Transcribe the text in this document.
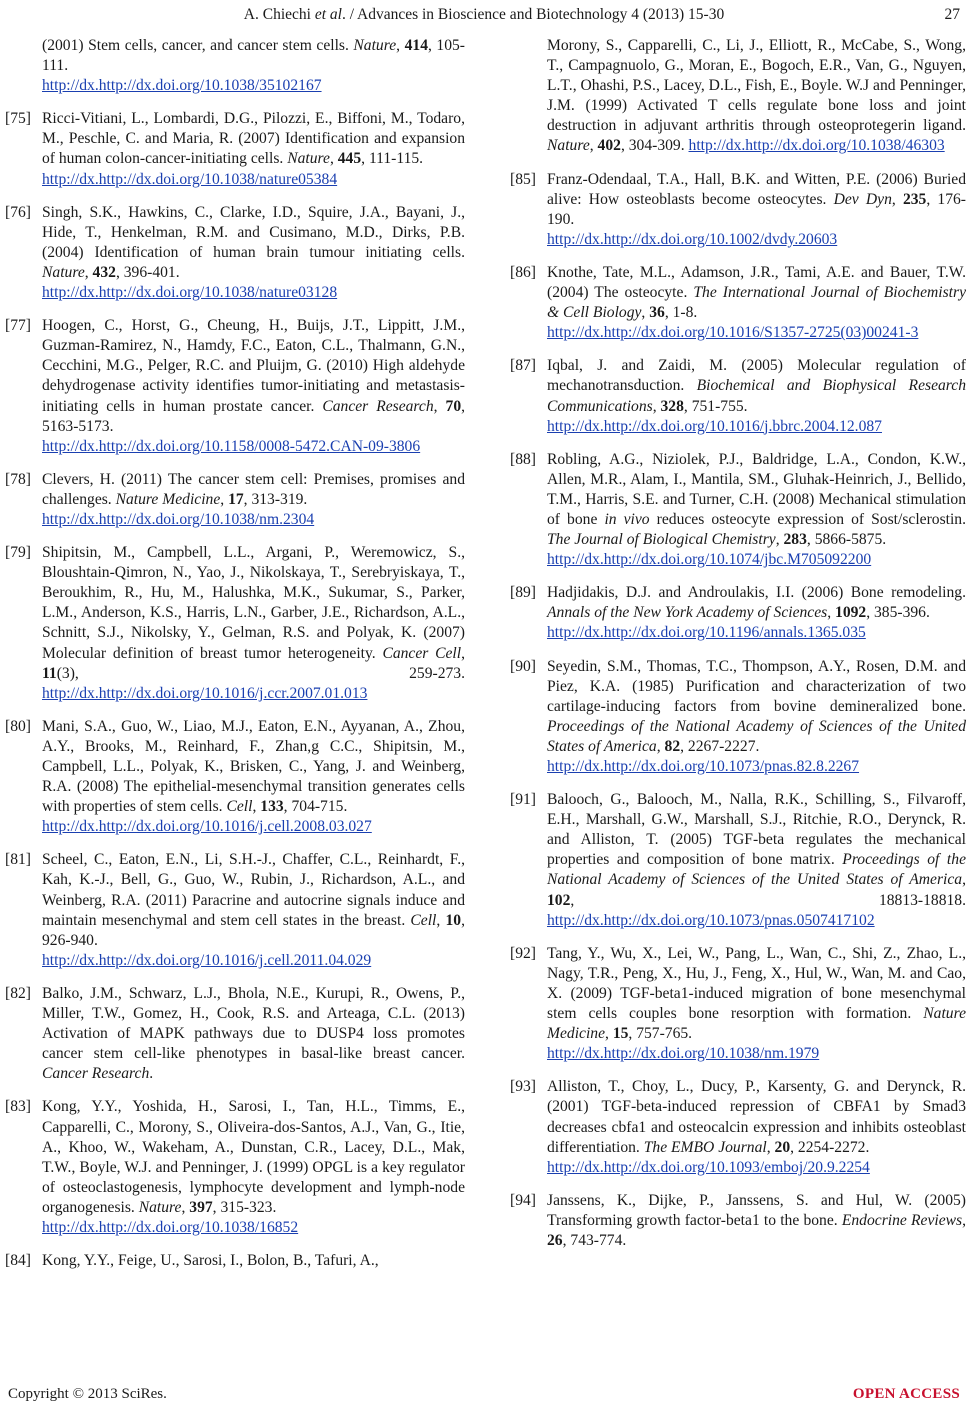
A. Chiechi et al. / Advances in Bioscience and Biotechnology 4 (2013) 15-30	27
(2001) Stem cells, cancer, and cancer stem cells. Nature, 414, 105-111.
http://dx.http://dx.doi.org/10.1038/35102167
[75] Ricci-Vitiani, L., Lombardi, D.G., Pilozzi, E., Biffoni, M., Todaro, M., Peschle, C. and Maria, R. (2007) Identification and expansion of human colon-cancer-initiating cells. Nature, 445, 111-115.
http://dx.http://dx.doi.org/10.1038/nature05384
[76] Singh, S.K., Hawkins, C., Clarke, I.D., Squire, J.A., Bayani, J., Hide, T., Henkelman, R.M. and Cusimano, M.D., Dirks, P.B. (2004) Identification of human brain tumour initiating cells. Nature, 432, 396-401.
http://dx.http://dx.doi.org/10.1038/nature03128
[77] Hoogen, C., Horst, G., Cheung, H., Buijs, J.T., Lippitt, J.M., Guzman-Ramirez, N., Hamdy, F.C., Eaton, C.L., Thalmann, G.N., Cecchini, M.G., Pelger, R.C. and Pluijm, G. (2010) High aldehyde dehydrogenase activity identifies tumor-initiating and metastasis-initiating cells in human prostate cancer. Cancer Research, 70, 5163-5173.
http://dx.http://dx.doi.org/10.1158/0008-5472.CAN-09-3806
[78] Clevers, H. (2011) The cancer stem cell: Premises, promises and challenges. Nature Medicine, 17, 313-319.
http://dx.http://dx.doi.org/10.1038/nm.2304
[79] Shipitsin, M., Campbell, L.L., Argani, P., Weremowicz, S., Bloushtain-Qimron, N., Yao, J., Nikolskaya, T., Serebryiskaya, T., Beroukhim, R., Hu, M., Halushka, M.K., Sukumar, S., Parker, L.M., Anderson, K.S., Harris, L.N., Garber, J.E., Richardson, A.L., Schnitt, S.J., Nikolsky, Y., Gelman, R.S. and Polyak, K. (2007) Molecular definition of breast tumor heterogeneity. Cancer Cell, 11(3), 259-273. http://dx.http://dx.doi.org/10.1016/j.ccr.2007.01.013
[80] Mani, S.A., Guo, W., Liao, M.J., Eaton, E.N., Ayyanan, A., Zhou, A.Y., Brooks, M., Reinhard, F., Zhan,g C.C., Shipitsin, M., Campbell, L.L., Polyak, K., Brisken, C., Yang, J. and Weinberg, R.A. (2008) The epithelial-mesenchymal transition generates cells with properties of stem cells. Cell, 133, 704-715.
http://dx.http://dx.doi.org/10.1016/j.cell.2008.03.027
[81] Scheel, C., Eaton, E.N., Li, S.H.-J., Chaffer, C.L., Reinhardt, F., Kah, K.-J., Bell, G., Guo, W., Rubin, J., Richardson, A.L., and Weinberg, R.A. (2011) Paracrine and autocrine signals induce and maintain mesenchymal and stem cell states in the breast. Cell, 10, 926-940.
http://dx.http://dx.doi.org/10.1016/j.cell.2011.04.029
[82] Balko, J.M., Schwarz, L.J., Bhola, N.E., Kurupi, R., Owens, P., Miller, T.W., Gomez, H., Cook, R.S. and Arteaga, C.L. (2013) Activation of MAPK pathways due to DUSP4 loss promotes cancer stem cell-like phenotypes in basal-like breast cancer. Cancer Research.
[83] Kong, Y.Y., Yoshida, H., Sarosi, I., Tan, H.L., Timms, E., Capparelli, C., Morony, S., Oliveira-dos-Santos, A.J., Van, G., Itie, A., Khoo, W., Wakeham, A., Dunstan, C.R., Lacey, D.L., Mak, T.W., Boyle, W.J. and Penninger, J. (1999) OPGL is a key regulator of osteoclastogenesis, lymphocyte development and lymph-node organogenesis. Nature, 397, 315-323.
http://dx.http://dx.doi.org/10.1038/16852
[84] Kong, Y.Y., Feige, U., Sarosi, I., Bolon, B., Tafuri, A.,
Morony, S., Capparelli, C., Li, J., Elliott, R., McCabe, S., Wong, T., Campagnuolo, G., Moran, E., Bogoch, E.R., Van, G., Nguyen, L.T., Ohashi, P.S., Lacey, D.L., Fish, E., Boyle. W.J and Penninger, J.M. (1999) Activated T cells regulate bone loss and joint destruction in adjuvant arthritis through osteoprotegerin ligand. Nature, 402, 304-309. http://dx.http://dx.doi.org/10.1038/46303
[85] Franz-Odendaal, T.A., Hall, B.K. and Witten, P.E. (2006) Buried alive: How osteoblasts become osteocytes. Dev Dyn, 235, 176-190.
http://dx.http://dx.doi.org/10.1002/dvdy.20603
[86] Knothe, Tate, M.L., Adamson, J.R., Tami, A.E. and Bauer, T.W. (2004) The osteocyte. The International Journal of Biochemistry & Cell Biology, 36, 1-8.
http://dx.http://dx.doi.org/10.1016/S1357-2725(03)00241-3
[87] Iqbal, J. and Zaidi, M. (2005) Molecular regulation of mechanotransduction. Biochemical and Biophysical Research Communications, 328, 751-755.
http://dx.http://dx.doi.org/10.1016/j.bbrc.2004.12.087
[88] Robling, A.G., Niziolek, P.J., Baldridge, L.A., Condon, K.W., Allen, M.R., Alam, I., Mantila, SM., Gluhak-Heinrich, J., Bellido, T.M., Harris, S.E. and Turner, C.H. (2008) Mechanical stimulation of bone in vivo reduces osteocyte expression of Sost/sclerostin. The Journal of Biological Chemistry, 283, 5866-5875.
http://dx.http://dx.doi.org/10.1074/jbc.M705092200
[89] Hadjidakis, D.J. and Androulakis, I.I. (2006) Bone remodeling. Annals of the New York Academy of Sciences, 1092, 385-396.
http://dx.http://dx.doi.org/10.1196/annals.1365.035
[90] Seyedin, S.M., Thomas, T.C., Thompson, A.Y., Rosen, D.M. and Piez, K.A. (1985) Purification and characterization of two cartilage-inducing factors from bovine demineralized bone. Proceedings of the National Academy of Sciences of the United States of America, 82, 2267-2227.
http://dx.http://dx.doi.org/10.1073/pnas.82.8.2267
[91] Balooch, G., Balooch, M., Nalla, R.K., Schilling, S., Filvaroff, E.H., Marshall, G.W., Marshall, S.J., Ritchie, R.O., Derynck, R. and Alliston, T. (2005) TGF-beta regulates the mechanical properties and composition of bone matrix. Proceedings of the National Academy of Sciences of the United States of America, 102, 18813-18818. http://dx.http://dx.doi.org/10.1073/pnas.0507417102
[92] Tang, Y., Wu, X., Lei, W., Pang, L., Wan, C., Shi, Z., Zhao, L., Nagy, T.R., Peng, X., Hu, J., Feng, X., Hul, W., Wan, M. and Cao, X. (2009) TGF-beta1-induced migration of bone mesenchymal stem cells couples bone resorption with formation. Nature Medicine, 15, 757-765.
http://dx.http://dx.doi.org/10.1038/nm.1979
[93] Alliston, T., Choy, L., Ducy, P., Karsenty, G. and Derynck, R. (2001) TGF-beta-induced repression of CBFA1 by Smad3 decreases cbfa1 and osteocalcin expression and inhibits osteoblast differentiation. The EMBO Journal, 20, 2254-2272.
http://dx.http://dx.doi.org/10.1093/emboj/20.9.2254
[94] Janssens, K., Dijke, P., Janssens, S. and Hul, W. (2005) Transforming growth factor-beta1 to the bone. Endocrine Reviews, 26, 743-774.
Copyright © 2013 SciRes.	OPEN ACCESS
